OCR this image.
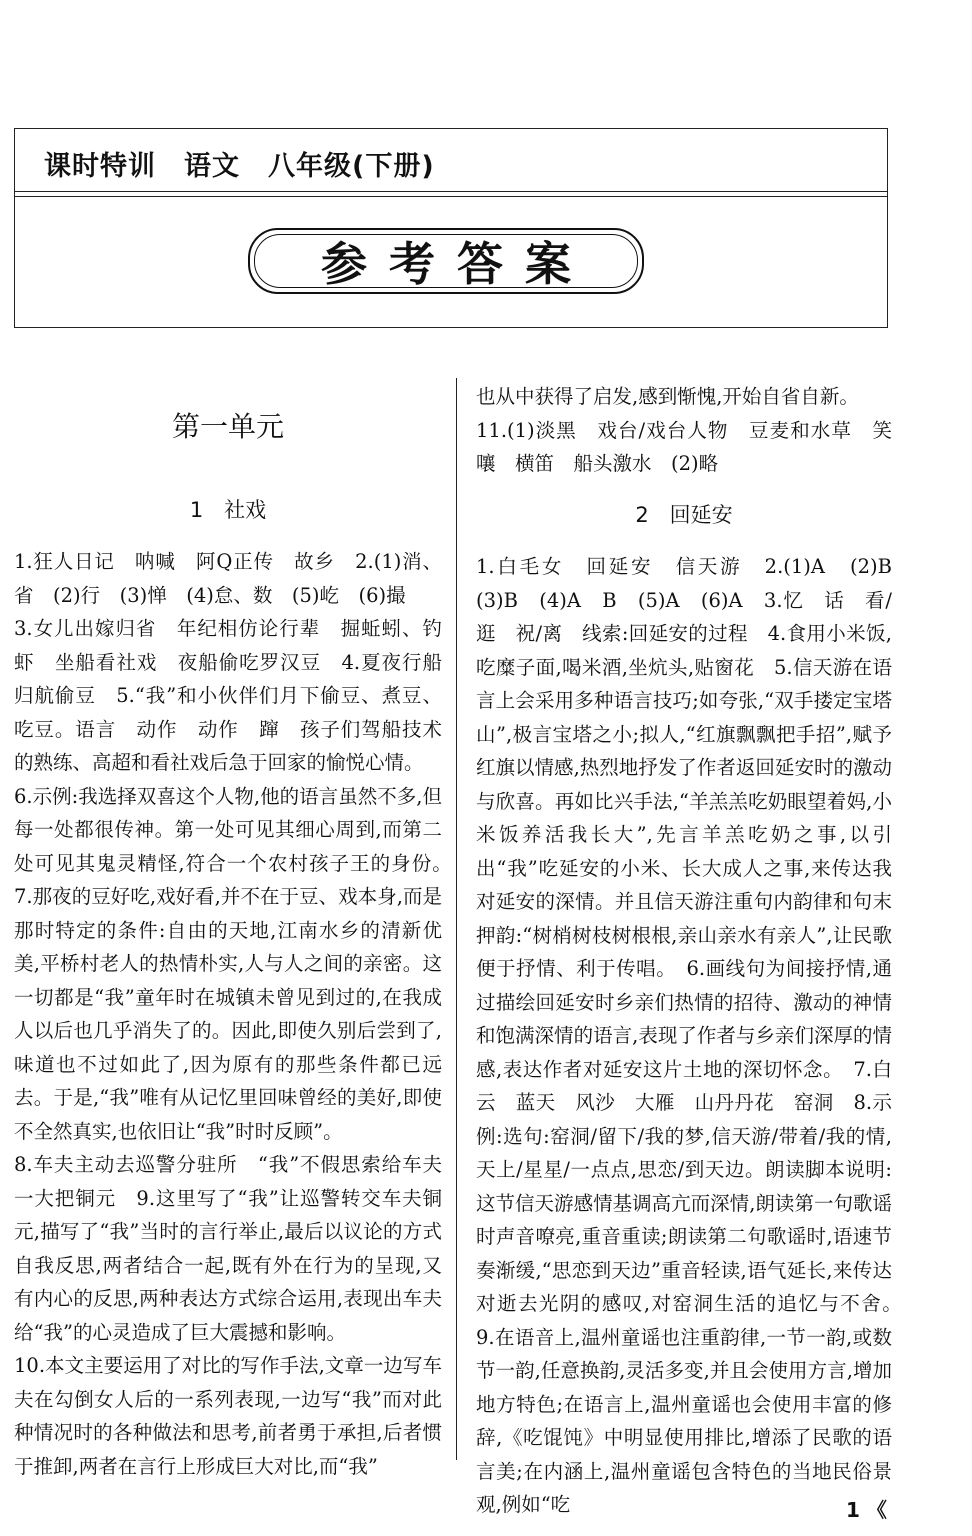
课时特训　语文　八年级(下册)
参考答案
第一单元
1　社戏

1.狂人日记　呐喊　阿Q正传　故乡　2.(1)消、省　(2)行　(3)惮　(4)怠、数　(5)屹　(6)撮

3.女儿出嫁归省　年纪相仿论行辈　掘蚯蚓、钓虾　坐船看社戏　夜船偷吃罗汉豆　4.夏夜行船　归航偷豆　5.“我”和小伙伴们月下偷豆、煮豆、吃豆。语言　动作　动作　蹿　孩子们驾船技术的熟练、高超和看社戏后急于回家的愉悦心情。

6.示例:我选择双喜这个人物,他的语言虽然不多,但每一处都很传神。第一处可见其细心周到,而第二处可见其鬼灵精怪,符合一个农村孩子王的身份。　7.那夜的豆好吃,戏好看,并不在于豆、戏本身,而是那时特定的条件:自由的天地,江南水乡的清新优美,平桥村老人的热情朴实,人与人之间的亲密。这一切都是“我”童年时在城镇未曾见到过的,在我成人以后也几乎消失了的。因此,即使久别后尝到了,味道也不过如此了,因为原有的那些条件都已远去。于是,“我”唯有从记忆里回味曾经的美好,即使不全然真实,也依旧让“我”时时反顾”。

8.车夫主动去巡警分驻所　“我”不假思索给车夫一大把铜元　9.这里写了“我”让巡警转交车夫铜元,描写了“我”当时的言行举止,最后以议论的方式自我反思,两者结合一起,既有外在行为的呈现,又有内心的反思,两种表达方式综合运用,表现出车夫给“我”的心灵造成了巨大震撼和影响。

10.本文主要运用了对比的写作手法,文章一边写车夫在勾倒女人后的一系列表现,一边写“我”而对此种情况时的各种做法和思考,前者勇于承担,后者惯于推卸,两者在言行上形成巨大对比,而“我”

也从中获得了启发,感到惭愧,开始自省自新。

11.(1)淡黑　戏台/戏台人物　豆麦和水草　笑嚷　横笛　船头激水　(2)略

2　回延安

1.白毛女　回延安　信天游　2.(1)A　(2)B　(3)B　(4)A　B　(5)A　(6)A　3.忆　话　看/逛　祝/离　线索:回延安的过程　4.食用小米饭,吃糜子面,喝米酒,坐炕头,贴窗花　5.信天游在语言上会采用多种语言技巧;如夸张,“双手搂定宝塔山”,极言宝塔之小;拟人,“红旗飘飘把手招”,赋予红旗以情感,热烈地抒发了作者返回延安时的激动与欣喜。再如比兴手法,“羊羔羔吃奶眼望着妈,小米饭养活我长大”,先言羊羔吃奶之事,以引出“我”吃延安的小米、长大成人之事,来传达我对延安的深情。并且信天游注重句内韵律和句末押韵:“树梢树枝树根根,亲山亲水有亲人”,让民歌便于抒情、利于传唱。　6.画线句为间接抒情,通过描绘回延安时乡亲们热情的招待、激动的神情和饱满深情的语言,表现了作者与乡亲们深厚的情感,表达作者对延安这片土地的深切怀念。　7.白云　蓝天　风沙　大雁　山丹丹花　窑洞　8.示例:选句:窑洞/留下/我的梦,信天游/带着/我的情,天上/星星/一点点,思恋/到天边。朗读脚本说明:这节信天游感情基调高亢而深情,朗读第一句歌谣时声音嘹亮,重音重读;朗读第二句歌谣时,语速节奏渐缓,“思恋到天边”重音轻读,语气延长,来传达对逝去光阴的感叹,对窑洞生活的追忆与不舍。　9.在语音上,温州童谣也注重韵律,一节一韵,或数节一韵,任意换韵,灵活多变,并且会使用方言,增加地方特色;在语言上,温州童谣也会使用丰富的修辞,《吃馄饨》中明显使用排比,增添了民歌的语言美;在内涵上,温州童谣包含特色的当地民俗景观,例如“吃	1 《
